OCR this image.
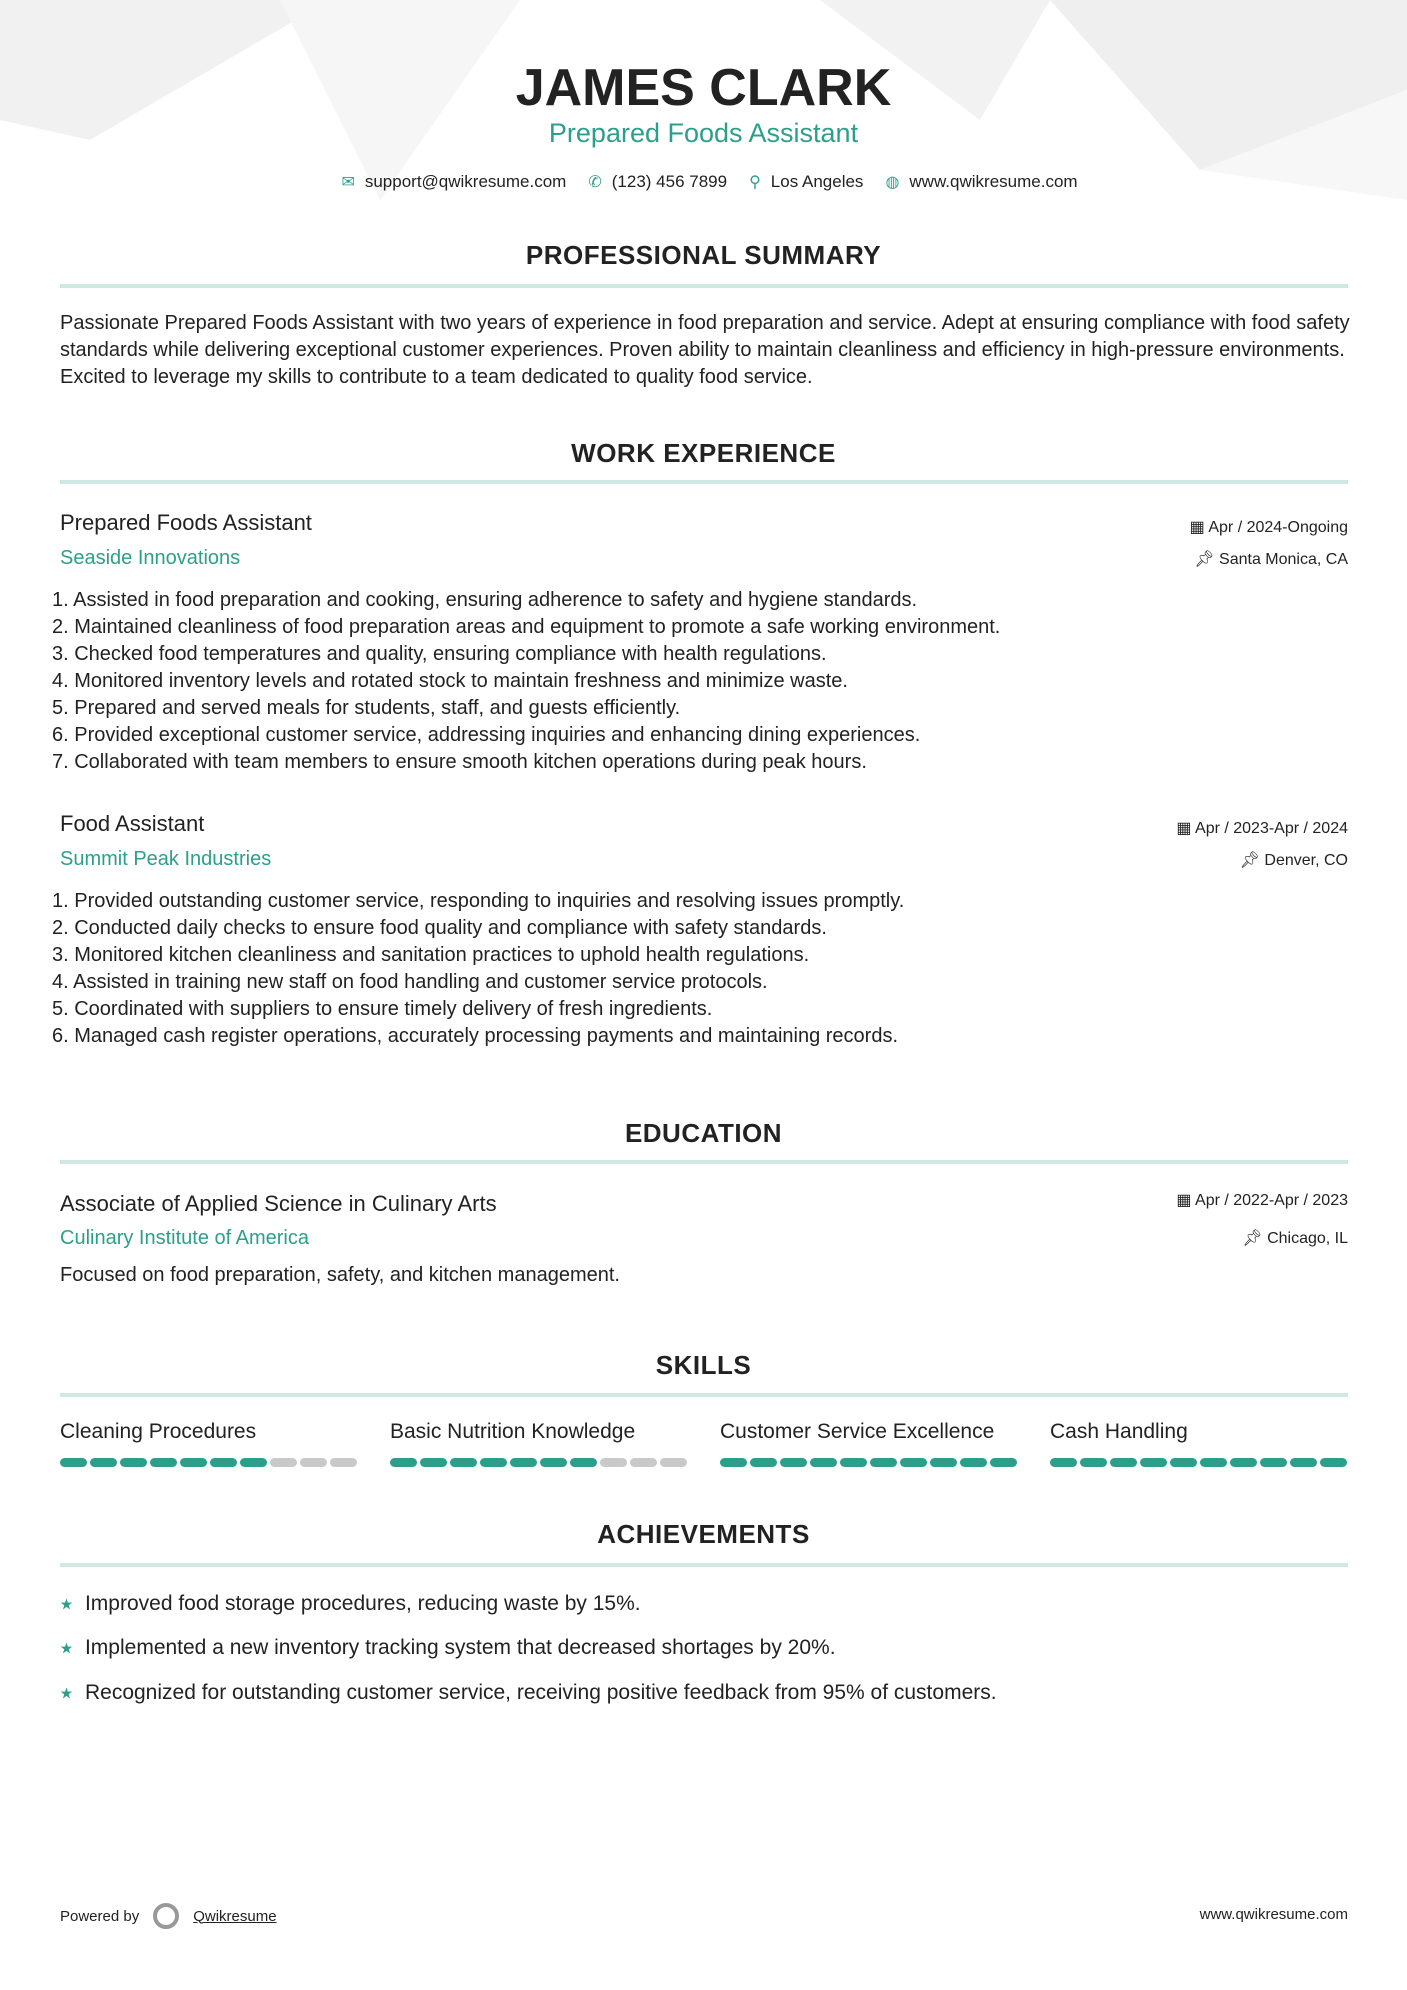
JAMES CLARK
Prepared Foods Assistant
✉ support@qwikresume.com ✆ (123) 456 7899 ⚲ Los Angeles ◍ www.qwikresume.com
PROFESSIONAL SUMMARY
Passionate Prepared Foods Assistant with two years of experience in food preparation and service. Adept at ensuring compliance with food safety standards while delivering exceptional customer experiences. Proven ability to maintain cleanliness and efficiency in high-pressure environments. Excited to leverage my skills to contribute to a team dedicated to quality food service.
WORK EXPERIENCE
Prepared Foods Assistant	▦ Apr / 2024-Ongoing
Seaside Innovations	📌︎ Santa Monica, CA
1. Assisted in food preparation and cooking, ensuring adherence to safety and hygiene standards.
2. Maintained cleanliness of food preparation areas and equipment to promote a safe working environment.
3. Checked food temperatures and quality, ensuring compliance with health regulations.
4. Monitored inventory levels and rotated stock to maintain freshness and minimize waste.
5. Prepared and served meals for students, staff, and guests efficiently.
6. Provided exceptional customer service, addressing inquiries and enhancing dining experiences.
7. Collaborated with team members to ensure smooth kitchen operations during peak hours.
Food Assistant	▦ Apr / 2023-Apr / 2024
Summit Peak Industries	📌︎ Denver, CO
1. Provided outstanding customer service, responding to inquiries and resolving issues promptly.
2. Conducted daily checks to ensure food quality and compliance with safety standards.
3. Monitored kitchen cleanliness and sanitation practices to uphold health regulations.
4. Assisted in training new staff on food handling and customer service protocols.
5. Coordinated with suppliers to ensure timely delivery of fresh ingredients.
6. Managed cash register operations, accurately processing payments and maintaining records.
EDUCATION
Associate of Applied Science in Culinary Arts	▦ Apr / 2022-Apr / 2023
Culinary Institute of America	📌︎ Chicago, IL
Focused on food preparation, safety, and kitchen management.
SKILLS
Cleaning Procedures	Basic Nutrition Knowledge	Customer Service Excellence	Cash Handling
ACHIEVEMENTS
⭑ Improved food storage procedures, reducing waste by 15%.
⭑ Implemented a new inventory tracking system that decreased shortages by 20%.
⭑ Recognized for outstanding customer service, receiving positive feedback from 95% of customers.
Powered by	Qwikresume	www.qwikresume.com
